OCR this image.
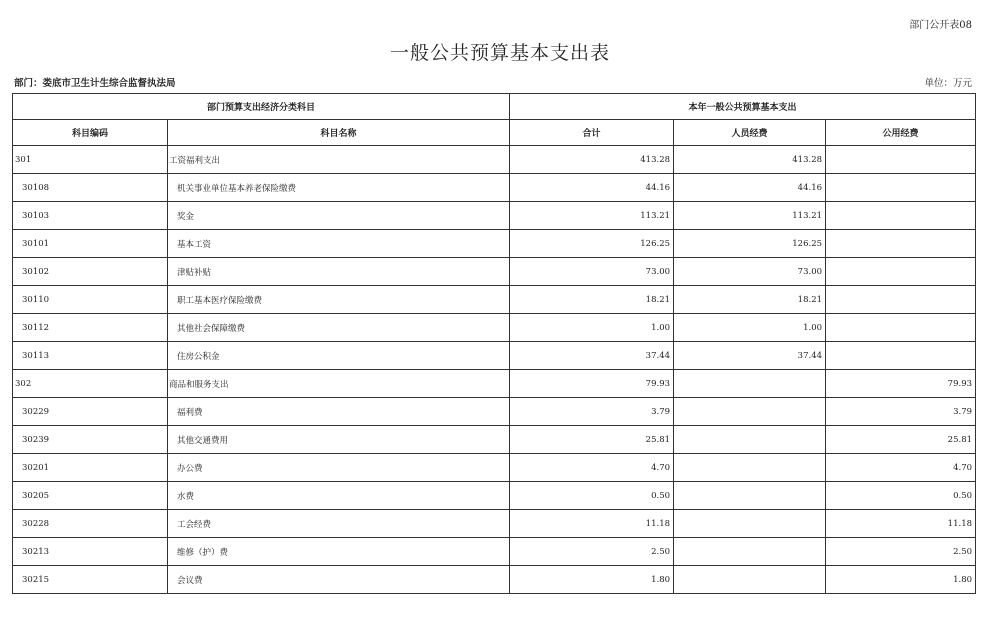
部门公开表08
一般公共预算基本支出表
部门：娄底市卫生计生综合监督执法局	单位：万元
部门预算支出经济分类科目		本年一般公共预算基本支出		
科目编码	科目名称	合计	人员经费	公用经费
301	工资福利支出	413.28	413.28	
30108	机关事业单位基本养老保险缴费	44.16	44.16	
30103	奖金	113.21	113.21	
30101	基本工资	126.25	126.25	
30102	津贴补贴	73.00	73.00	
30110	职工基本医疗保险缴费	18.21	18.21	
30112	其他社会保障缴费	1.00	1.00	
30113	住房公积金	37.44	37.44	
302	商品和服务支出	79.93		79.93
30229	福利费	3.79		3.79
30239	其他交通费用	25.81		25.81
30201	办公费	4.70		4.70
30205	水费	0.50		0.50
30228	工会经费	11.18		11.18
30213	维修（护）费	2.50		2.50
30215	会议费	1.80		1.80
